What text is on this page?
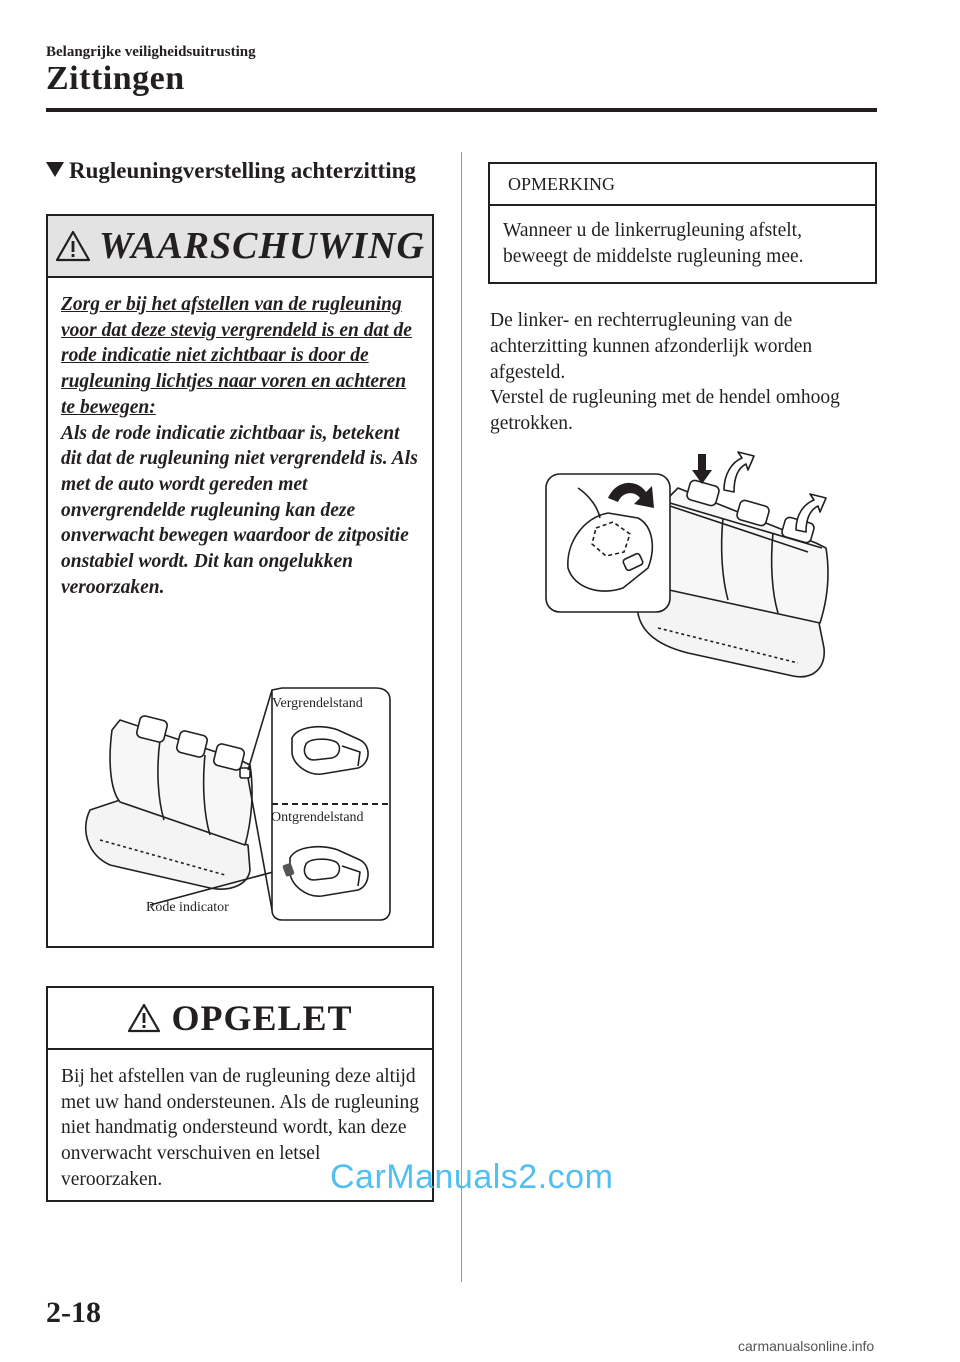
Belangrijke veiligheidsuitrusting
Zittingen
Rugleuningverstelling achterzitting
WAARSCHUWING
Zorg er bij het afstellen van de rugleuning voor dat deze stevig vergrendeld is en dat de rode indicatie niet zichtbaar is door de rugleuning lichtjes naar voren en achteren te bewegen:
Als de rode indicatie zichtbaar is, betekent dit dat de rugleuning niet vergrendeld is. Als met de auto wordt gereden met onvergrendelde rugleuning kan deze onverwacht bewegen waardoor de zitpositie onstabiel wordt. Dit kan ongelukken veroorzaken.
Vergrendelstand
Ontgrendelstand
Rode indicator
OPGELET
Bij het afstellen van de rugleuning deze altijd met uw hand ondersteunen. Als de rugleuning niet handmatig ondersteund wordt, kan deze onverwacht verschuiven en letsel veroorzaken.
OPMERKING
Wanneer u de linkerrugleuning afstelt, beweegt de middelste rugleuning mee.
De linker- en rechterrugleuning van de achterzitting kunnen afzonderlijk worden afgesteld.
Verstel de rugleuning met de hendel omhoog getrokken.
CarManuals2.com
2-18
carmanualsonline.info
